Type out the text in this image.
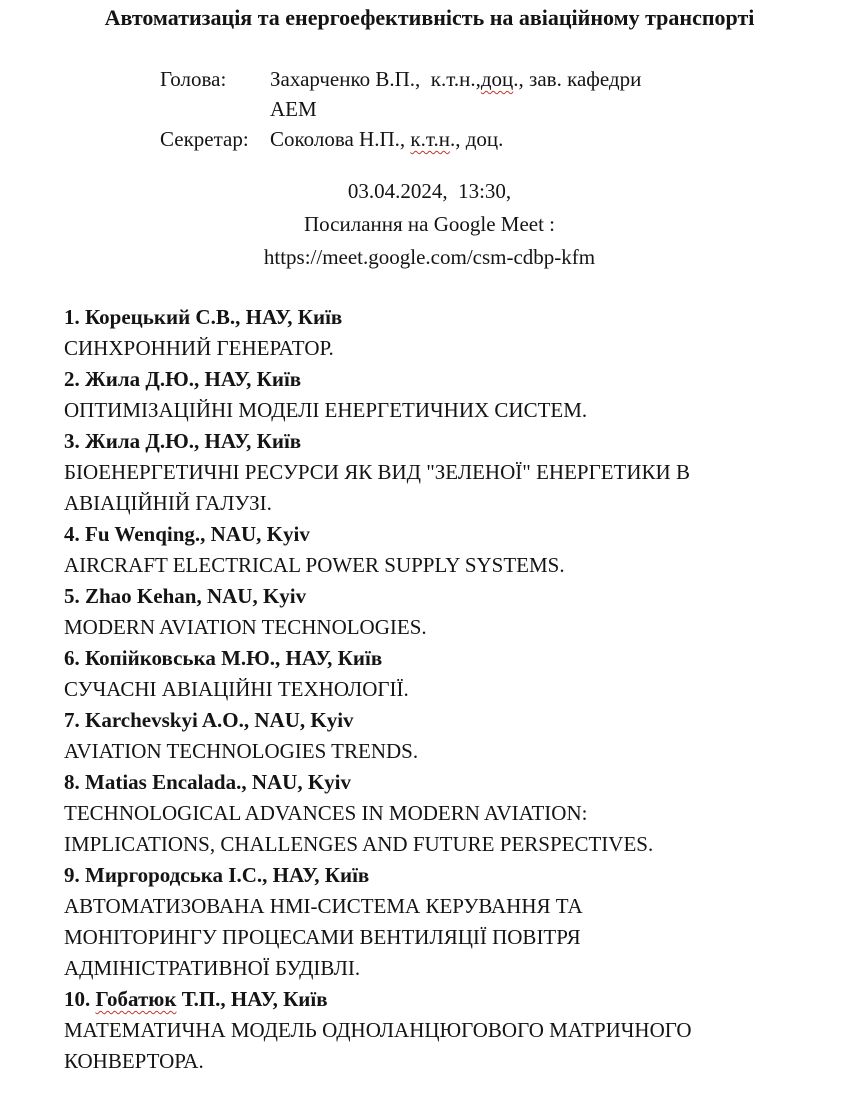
Автоматизація та енергоефективність на авіаційному транспорті
Голова:	Захарченко В.П.,  к.т.н.,доц., зав. кафедри
АЕМ
Секретар:	Соколова Н.П., к.т.н., доц.
03.04.2024,  13:30,
Посилання на Google Meet :
https://meet.google.com/csm-cdbp-kfm
1. Корецький С.В., НАУ, Київ
СИНХРОННИЙ ГЕНЕРАТОР.
2. Жила Д.Ю., НАУ, Київ
ОПТИМІЗАЦІЙНІ МОДЕЛІ ЕНЕРГЕТИЧНИХ СИСТЕМ.
3. Жила Д.Ю., НАУ, Київ
БІОЕНЕРГЕТИЧНІ РЕСУРСИ ЯК ВИД "ЗЕЛЕНОЇ" ЕНЕРГЕТИКИ В
АВІАЦІЙНІЙ ГАЛУЗІ.
4. Fu Wenqing., NAU, Kyiv
AIRCRAFT ELECTRICAL POWER SUPPLY SYSTEMS.
5. Zhao Kehan, NAU, Kyiv
MODERN AVIATION TECHNOLOGIES.
6. Копійковська М.Ю., НАУ, Київ
СУЧАСНІ АВІАЦІЙНІ ТЕХНОЛОГІЇ.
7. Karchevskyi A.O., NAU, Kyiv
AVIATION TECHNOLOGIES TRENDS.
8. Matias Encalada., NAU, Kyiv
TECHNOLOGICAL ADVANCES IN MODERN AVIATION:
IMPLICATIONS, CHALLENGES AND FUTURE PERSPECTIVES.
9. Миргородська І.С., НАУ, Київ
АВТОМАТИЗОВАНА HMI-СИСТЕМА КЕРУВАННЯ ТА
МОНІТОРИНГУ ПРОЦЕСАМИ ВЕНТИЛЯЦІЇ ПОВІТРЯ
АДМІНІСТРАТИВНОЇ БУДІВЛІ.
10. Гобатюк Т.П., НАУ, Київ
МАТЕМАТИЧНА МОДЕЛЬ ОДНОЛАНЦЮГОВОГО МАТРИЧНОГО
КОНВЕРТОРА.
